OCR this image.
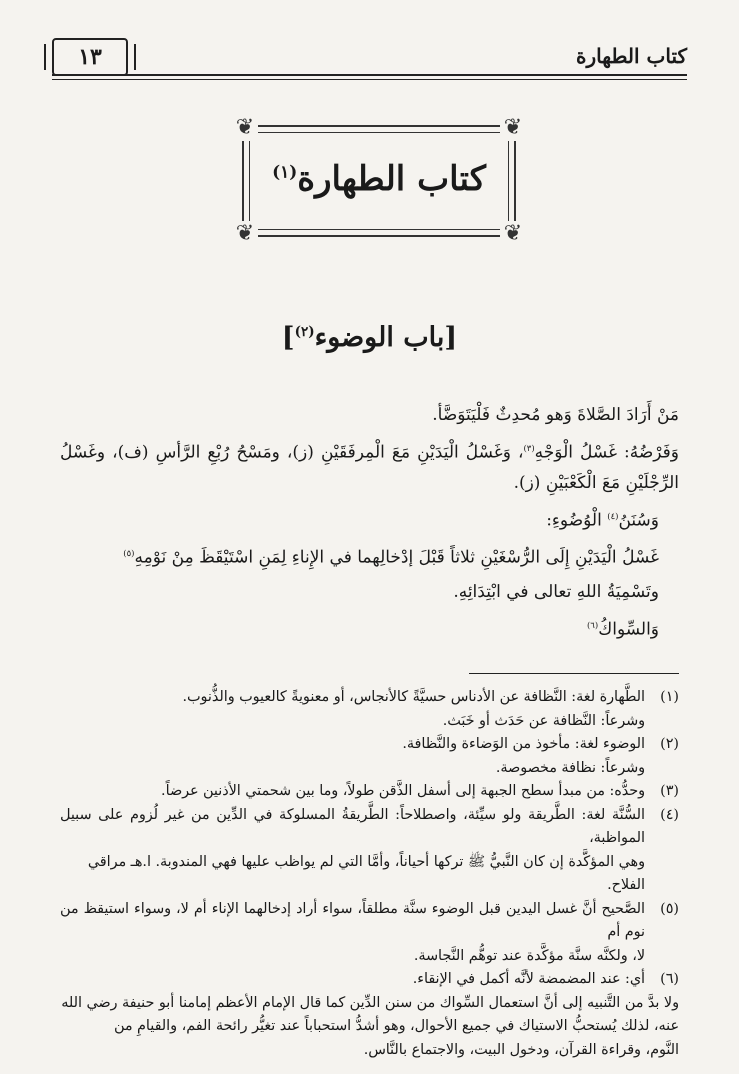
كتاب الطهارة
١٣
❦	❦
❦	❦
كتاب الطهارة$^{(١)}$
[باب الوضوء$^{(٢)}$]

مَنْ أَرَادَ الصَّلاةَ وَهو مُحدِثٌ فَلْيَتَوَضَّأ.

وَفَرْضُهُ: غَسْلُ الْوَجْهِ$^{(٣)}$، وَغَسْلُ الْيَدَيْنِ مَعَ الْمِرفَقَيْنِ (ز)، ومَسْحُ رُبْعِ الرَّأسِ (ف)، وغَسْلُ الرِّجْلَيْنِ مَعَ الْكَعْبَيْنِ (ز).

وَسُنَنُ$^{(٤)}$ الْوُضُوءِ:

غَسْلُ الْيَدَيْنِ إِلَى الرُّسْغَيْنِ ثلاثاً قَبْلَ إدْخالِهما في الإِناءِ لِمَنِ اسْتَيْقَظَ مِنْ نَوْمِهِ$^{(٥)}$

وتَسْمِيَةُ اللهِ تعالى في ابْتِدَائِهِ.

وَالسِّواكُ$^{(٦)}$

(١)
الطَّهارة لغة: النَّظافة عن الأدناس حسيَّةً كالأنجاس، أو معنويةً كالعيوب والذُّنوب.
وشرعاً: النَّظافة عن حَدَث أو خَبَث.
(٢)
الوضوء لغة: مأخوذ من الوَضاءة والنَّظافة.
وشرعاً: نظافة مخصوصة.
(٣)
وحدُّه: من مبدأ سطح الجبهة إلى أسفل الذَّقن طولاً، وما بين شحمتي الأذنين عرضاً.
(٤)
السُّنَّة لغة: الطَّريقة ولو سيِّئة، واصطلاحاً: الطَّريقةُ المسلوكة في الدِّين من غير لُزوم على سبيل المواظبة،
وهي المؤكَّدة إن كان النَّبيُّ ﷺ تركها أحياناً، وأمَّا التي لم يواظب عليها فهي المندوبة. ا.هـ مراقي الفلاح.
(٥)
الصَّحيح أنَّ غسل اليدين قبل الوضوء سنَّة مطلقاً، سواء أراد إدخالهما الإناء أم لا، وسواء استيقظ من نوم أم
لا، ولكنَّه سنَّة مؤكَّدة عند توهُّم النَّجاسة.
(٦)
أي: عند المضمضة لأنَّه أكمل في الإنقاء.
ولا بدَّ من التَّنبيه إلى أنَّ استعمال السِّواك من سنن الدِّين كما قال الإمام الأعظم إمامنا أبو حنيفة رضي الله
عنه، لذلك يُستحبُّ الاستياك في جميع الأحوال، وهو أشدُّ استحباباً عند تغيُّر رائحة الفم، والقيامِ من
النَّوم، وقراءة القرآن، ودخول البيت، والاجتماع بالنَّاس.
